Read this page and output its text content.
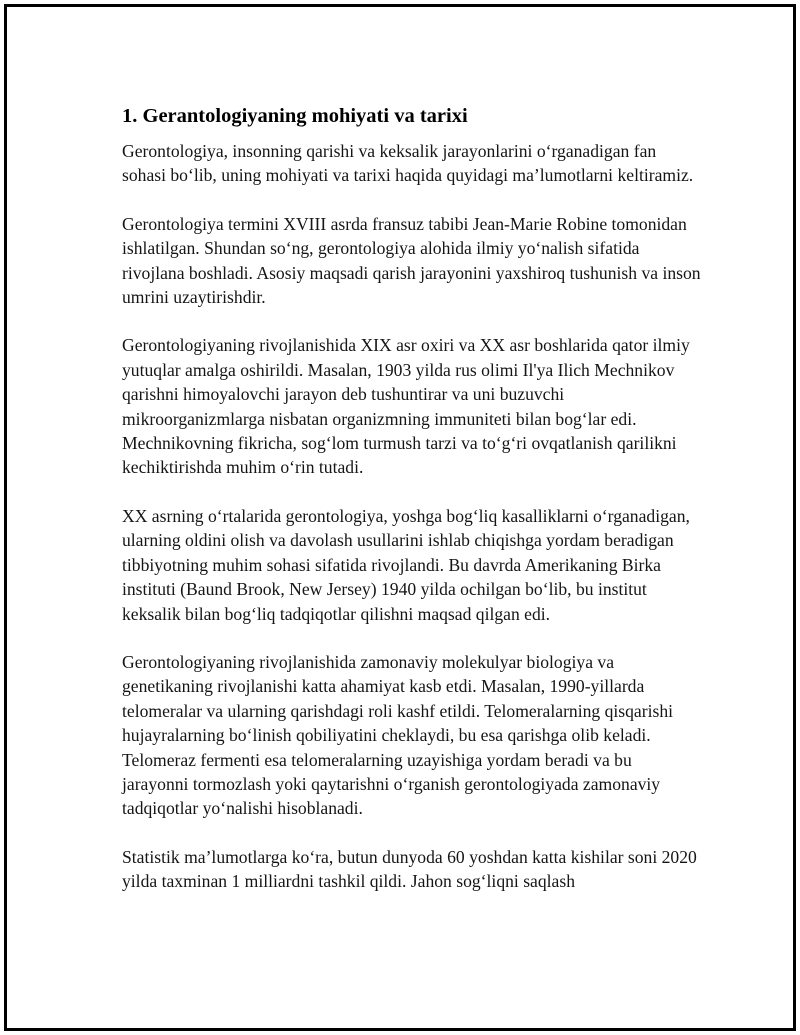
1. Gerantologiyaning mohiyati va tarixi

Gerontologiya, insonning qarishi va keksalik jarayonlarini o‘rganadigan fan sohasi bo‘lib, uning mohiyati va tarixi haqida quyidagi ma’lumotlarni keltiramiz.

Gerontologiya termini XVIII asrda fransuz tabibi Jean-Marie Robine tomonidan ishlatilgan. Shundan so‘ng, gerontologiya alohida ilmiy yo‘nalish sifatida rivojlana boshladi. Asosiy maqsadi qarish jarayonini yaxshiroq tushunish va inson umrini uzaytirishdir.

Gerontologiyaning rivojlanishida XIX asr oxiri va XX asr boshlarida qator ilmiy yutuqlar amalga oshirildi. Masalan, 1903 yilda rus olimi Il'ya Ilich Mechnikov qarishni himoyalovchi jarayon deb tushuntirar va uni buzuvchi mikroorganizmlarga nisbatan organizmning immuniteti bilan bog‘lar edi. Mechnikovning fikricha, sog‘lom turmush tarzi va to‘g‘ri ovqatlanish qarilikni kechiktirishda muhim o‘rin tutadi.

XX asrning o‘rtalarida gerontologiya, yoshga bog‘liq kasalliklarni o‘rganadigan, ularning oldini olish va davolash usullarini ishlab chiqishga yordam beradigan tibbiyotning muhim sohasi sifatida rivojlandi. Bu davrda Amerikaning Birka instituti (Baund Brook, New Jersey) 1940 yilda ochilgan bo‘lib, bu institut keksalik bilan bog‘liq tadqiqotlar qilishni maqsad qilgan edi.

Gerontologiyaning rivojlanishida zamonaviy molekulyar biologiya va genetikaning rivojlanishi katta ahamiyat kasb etdi. Masalan, 1990-yillarda telomeralar va ularning qarishdagi roli kashf etildi. Telomeralarning qisqarishi hujayralarning bo‘linish qobiliyatini cheklaydi, bu esa qarishga olib keladi. Telomeraz fermenti esa telomeralarning uzayishiga yordam beradi va bu jarayonni tormozlash yoki qaytarishni o‘rganish gerontologiyada zamonaviy tadqiqotlar yo‘nalishi hisoblanadi.

Statistik ma’lumotlarga ko‘ra, butun dunyoda 60 yoshdan katta kishilar soni 2020 yilda taxminan 1 milliardni tashkil qildi. Jahon sog‘liqni saqlash
